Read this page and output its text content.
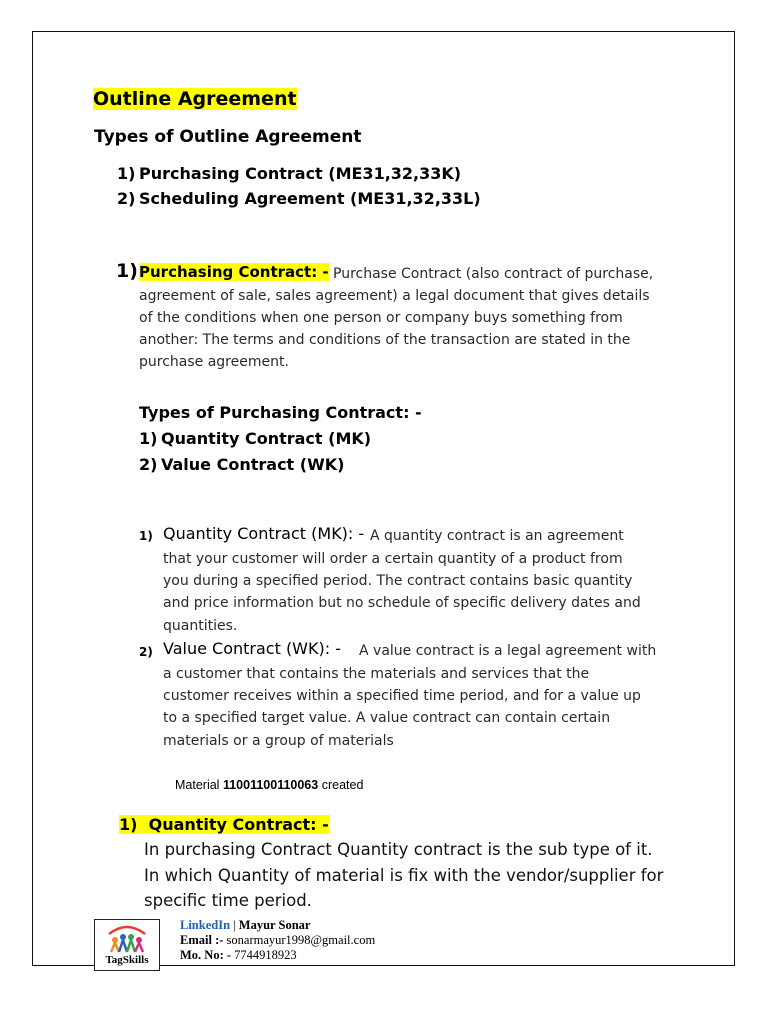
Outline Agreement
Types of Outline Agreement
1) Purchasing Contract (ME31,32,33K)
2) Scheduling Agreement (ME31,32,33L)
1) Purchasing Contract: - Purchase Contract (also contract of purchase,
agreement of sale, sales agreement) a legal document that gives details
of the conditions when one person or company buys something from
another: The terms and conditions of the transaction are stated in the
purchase agreement.
Types of Purchasing Contract: -
1) Quantity Contract (MK)
2) Value Contract (WK)
1) Quantity Contract (MK): - A quantity contract is an agreement
that your customer will order a certain quantity of a product from
you during a specified period. The contract contains basic quantity
and price information but no schedule of specific delivery dates and
quantities.
2) Value Contract (WK): - A value contract is a legal agreement with
a customer that contains the materials and services that the
customer receives within a specified time period, and for a value up
to a specified target value. A value contract can contain certain
materials or a group of materials
Material 11001100110063 created
1) Quantity Contract: -
In purchasing Contract Quantity contract is the sub type of it.
In which Quantity of material is fix with the vendor/supplier for
specific time period.
TagSkills
LinkedIn | Mayur Sonar
Email :- sonarmayur1998@gmail.com
Mo. No: - 7744918923
